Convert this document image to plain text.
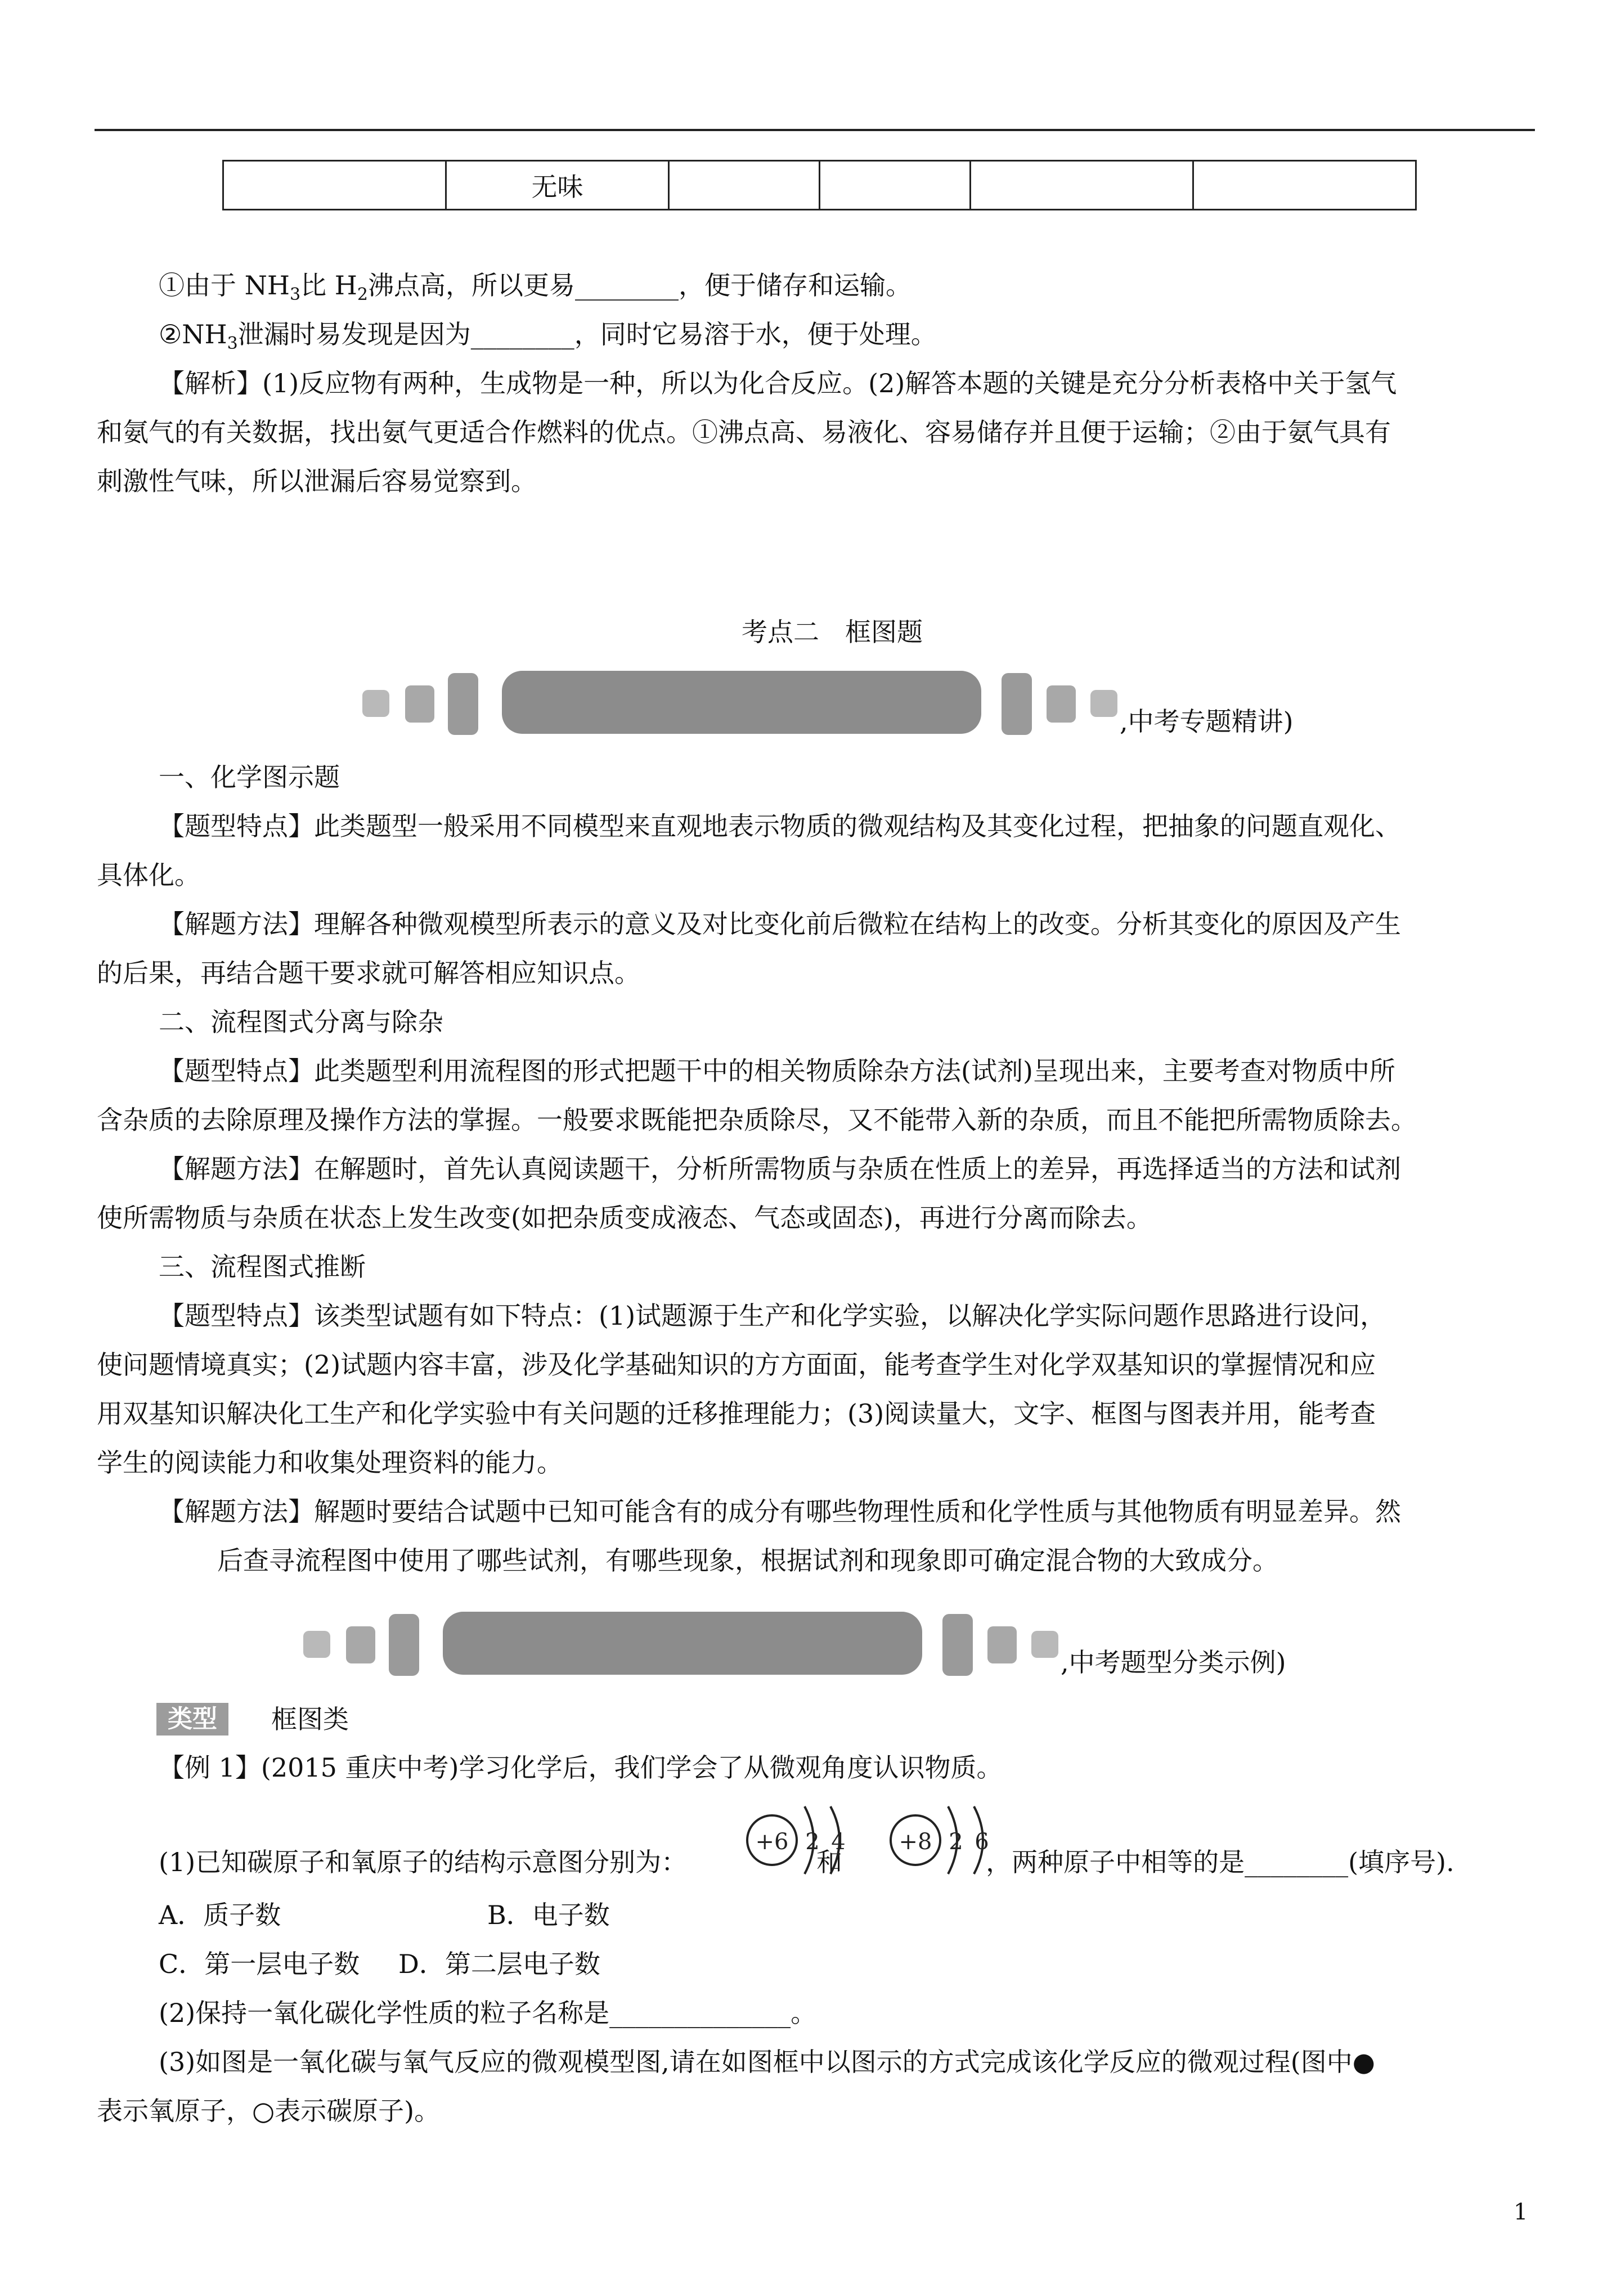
	无味				
①由于 $NH_3$比 $H_2$沸点高，所以更易________，便于储存和运输。
$②NH_3$泄漏时易发现是因为________，同时它易溶于水，便于处理。
【解析】(1)反应物有两种，生成物是一种，所以为化合反应。(2)解答本题的关键是充分分析表格中关于氢气
和氨气的有关数据，找出氨气更适合作燃料的优点。①沸点高、易液化、容易储存并且便于运输；②由于氨气具有
刺激性气味，所以泄漏后容易觉察到。
考点二　框图题
,中考专题精讲)
一、化学图示题
【题型特点】此类题型一般采用不同模型来直观地表示物质的微观结构及其变化过程，把抽象的问题直观化、
具体化。
【解题方法】理解各种微观模型所表示的意义及对比变化前后微粒在结构上的改变。分析其变化的原因及产生
的后果，再结合题干要求就可解答相应知识点。
二、流程图式分离与除杂
【题型特点】此类题型利用流程图的形式把题干中的相关物质除杂方法(试剂)呈现出来，主要考查对物质中所
含杂质的去除原理及操作方法的掌握。一般要求既能把杂质除尽，又不能带入新的杂质，而且不能把所需物质除去。
【解题方法】在解题时，首先认真阅读题干，分析所需物质与杂质在性质上的差异，再选择适当的方法和试剂
使所需物质与杂质在状态上发生改变(如把杂质变成液态、气态或固态)，再进行分离而除去。
三、流程图式推断
【题型特点】该类型试题有如下特点：(1)试题源于生产和化学实验，以解决化学实际问题作思路进行设问，
使问题情境真实；(2)试题内容丰富，涉及化学基础知识的方方面面，能考查学生对化学双基知识的掌握情况和应
用双基知识解决化工生产和化学实验中有关问题的迁移推理能力；(3)阅读量大，文字、框图与图表并用，能考查
学生的阅读能力和收集处理资料的能力。
【解题方法】解题时要结合试题中已知可能含有的成分有哪些物理性质和化学性质与其他物质有明显差异。然
后查寻流程图中使用了哪些试剂，有哪些现象，根据试剂和现象即可确定混合物的大致成分。
,中考题型分类示例)
类型	框图类
【例 1】(2015 重庆中考)学习化学后，我们学会了从微观角度认识物质。
(1)已知碳原子和氧原子的结构示意图分别为：	和	，两种原子中相等的是________(填序号).
+6 2 4 +8 2 6
A．质子数	B．电子数
C．第一层电子数 D．第二层电子数
(2)保持一氧化碳化学性质的粒子名称是______________。
(3)如图是一氧化碳与氧气反应的微观模型图,请在如图框中以图示的方式完成该化学反应的微观过程(图中●
表示氧原子，○表示碳原子)。
1
